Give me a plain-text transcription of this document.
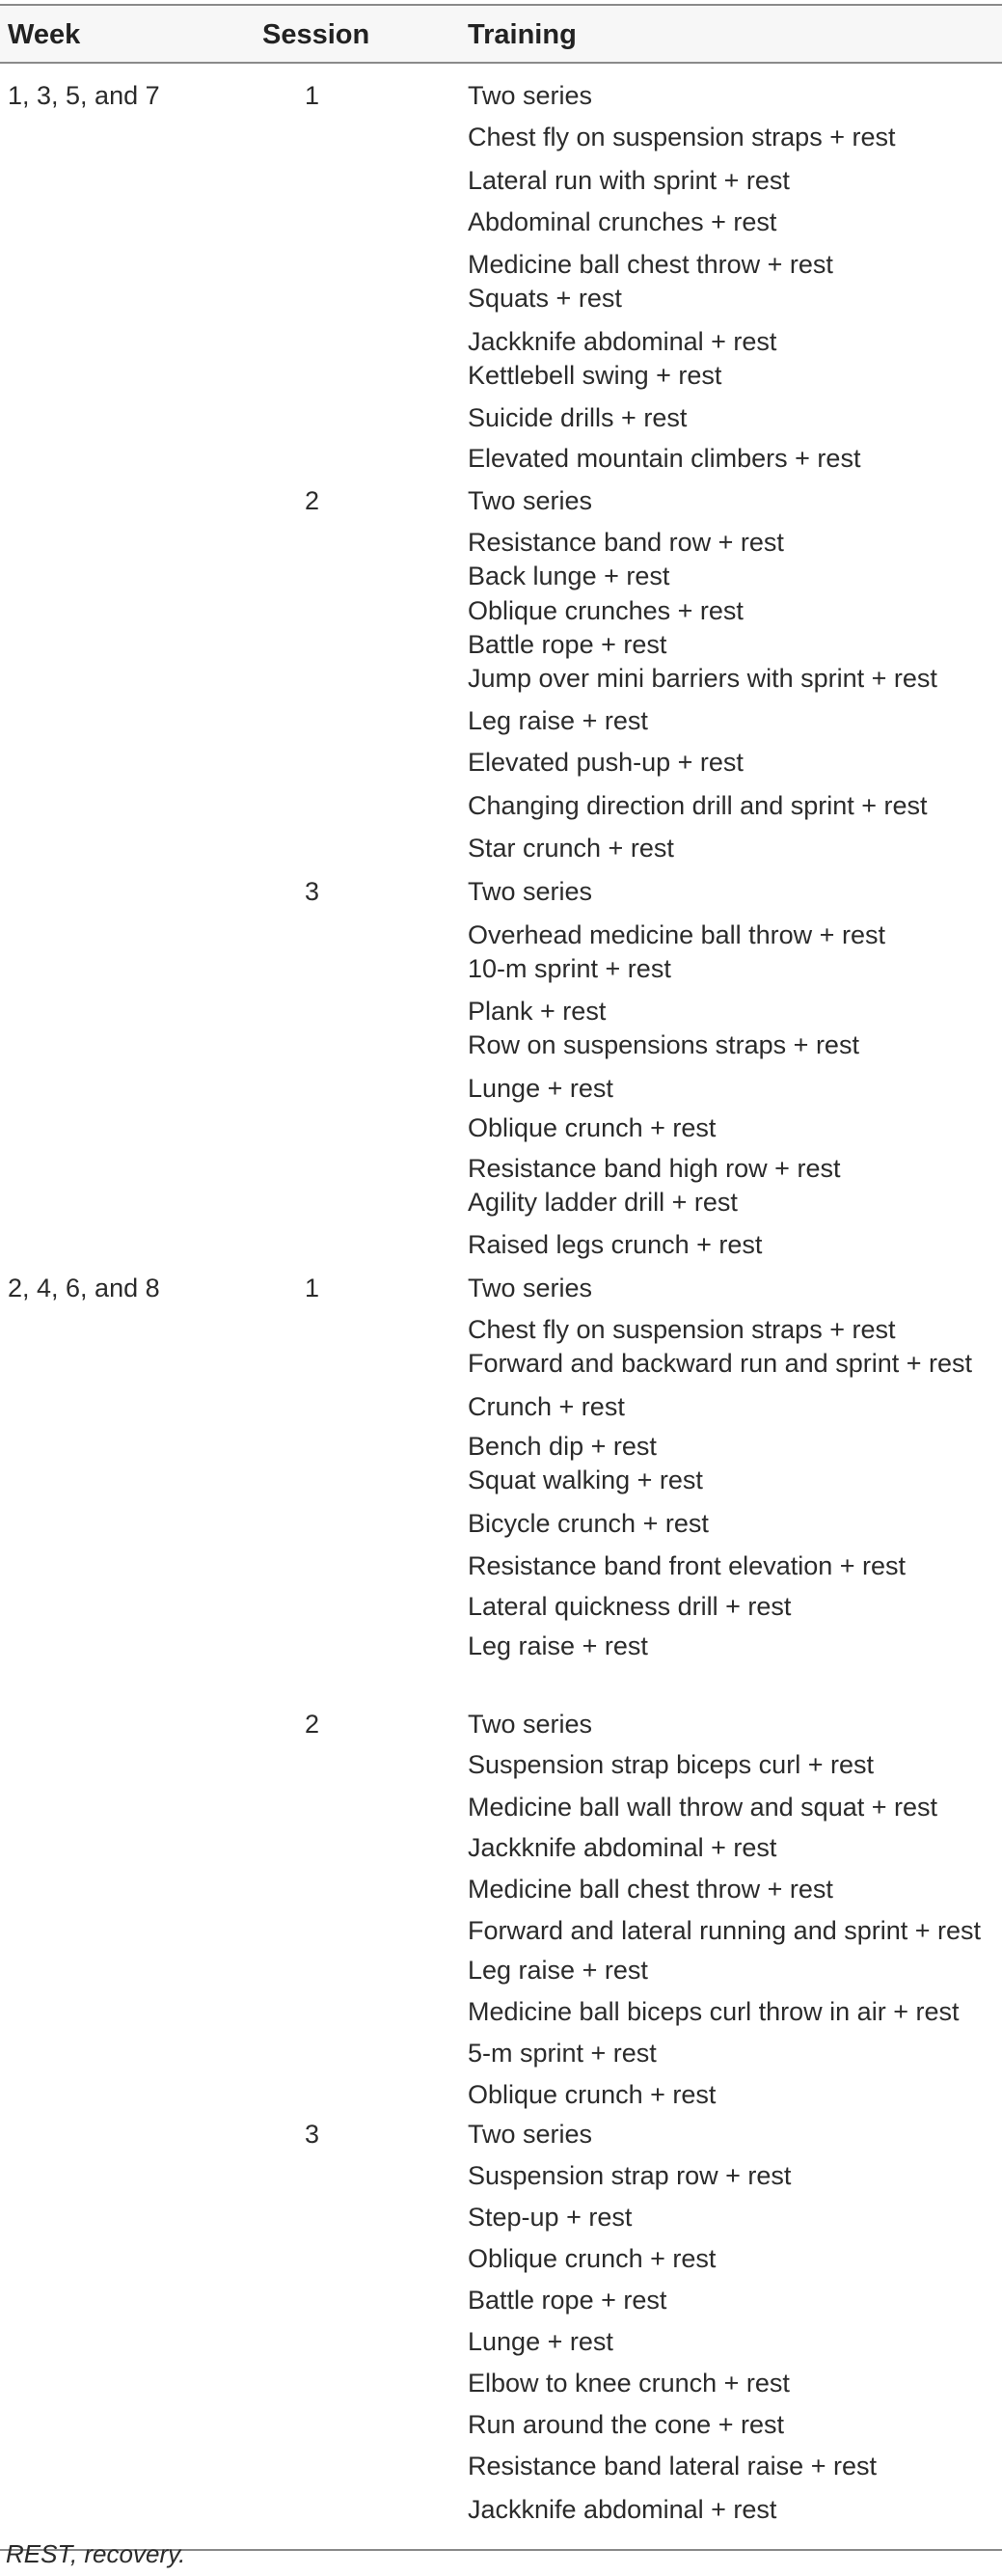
Week	Session	Training
Two series
Chest fly on suspension straps + rest
Lateral run with sprint + rest
Abdominal crunches + rest
Medicine ball chest throw + rest
Squats + rest
Jackknife abdominal + rest
Kettlebell swing + rest
Suicide drills + rest
Elevated mountain climbers + rest
Two series
Resistance band row + rest
Back lunge + rest
Oblique crunches + rest
Battle rope + rest
Jump over mini barriers with sprint + rest
Leg raise + rest
Elevated push-up + rest
Changing direction drill and sprint + rest
Star crunch + rest
Two series
Overhead medicine ball throw + rest
10-m sprint + rest
Plank + rest
Row on suspensions straps + rest
Lunge + rest
Oblique crunch + rest
Resistance band high row + rest
Agility ladder drill + rest
Raised legs crunch + rest
Two series
Chest fly on suspension straps + rest
Forward and backward run and sprint + rest
Crunch + rest
Bench dip + rest
Squat walking + rest
Bicycle crunch + rest
Resistance band front elevation + rest
Lateral quickness drill + rest
Leg raise + rest
Two series
Suspension strap biceps curl + rest
Medicine ball wall throw and squat + rest
Jackknife abdominal + rest
Medicine ball chest throw + rest
Forward and lateral running and sprint + rest
Leg raise + rest
Medicine ball biceps curl throw in air + rest
5-m sprint + rest
Oblique crunch + rest
Two series
Suspension strap row + rest
Step-up + rest
Oblique crunch + rest
Battle rope + rest
Lunge + rest
Elbow to knee crunch + rest
Run around the cone + rest
Resistance band lateral raise + rest
Jackknife abdominal + rest
1
2
3
1
2
3
1, 3, 5, and 7
2, 4, 6, and 8
REST, recovery.
